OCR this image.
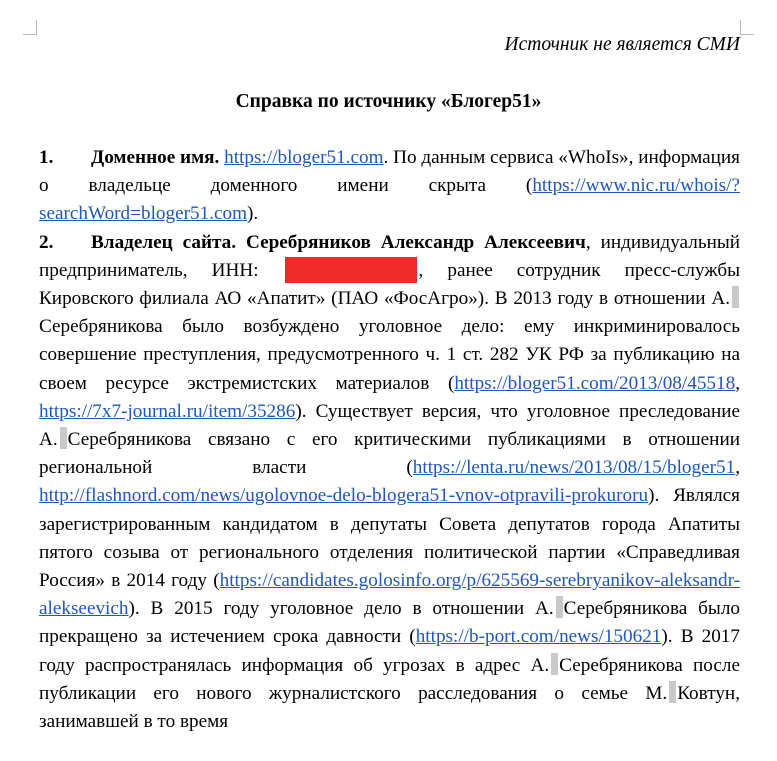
Источник не является СМИ
Справка по источнику «Блогер51»

1. Доменное имя. https://bloger51.com. По данным сервиса «WhoIs», информация о владельце доменного имени скрыта (https://www.nic.ru/whois/?searchWord=bloger51.com).

2. Владелец сайта. Серебряников Александр Алексеевич, индивидуальный предприниматель, ИНН:	, ранее сотрудник пресс-службы Кировского филиала АО «Апатит» (ПАО «ФосАгро»). В 2013 году в отношении А.Серебряникова было возбуждено уголовное дело: ему инкриминировалось совершение преступления, предусмотренного ч. 1 ст. 282 УК РФ за публикацию на своем ресурсе экстремистских материалов (https://bloger51.com/2013/08/45518, https://7x7-journal.ru/item/35286). Существует версия, что уголовное преследование А. Серебряникова связано с его критическими публикациями в отношении региональной власти (https://lenta.ru/news/2013/08/15/bloger51, http://flashnord.com/news/ugolovnoe-delo-blogera51-vnov-otpravili-prokuroru). Являлся зарегистрированным кандидатом в депутаты Совета депутатов города Апатиты пятого созыва от регионального отделения политической партии «Справедливая Россия» в 2014 году (https://candidates.golosinfo.org/p/625569-serebryanikov-aleksandr-alekseevich). В 2015 году уголовное дело в отношении А. Серебряникова было прекращено за истечением срока давности (https://b-port.com/news/150621). В 2017 году распространялась информация об угрозах в адрес А. Серебряникова после публикации его нового журналистского расследования о семье М. Ковтун, занимавшей в то время
